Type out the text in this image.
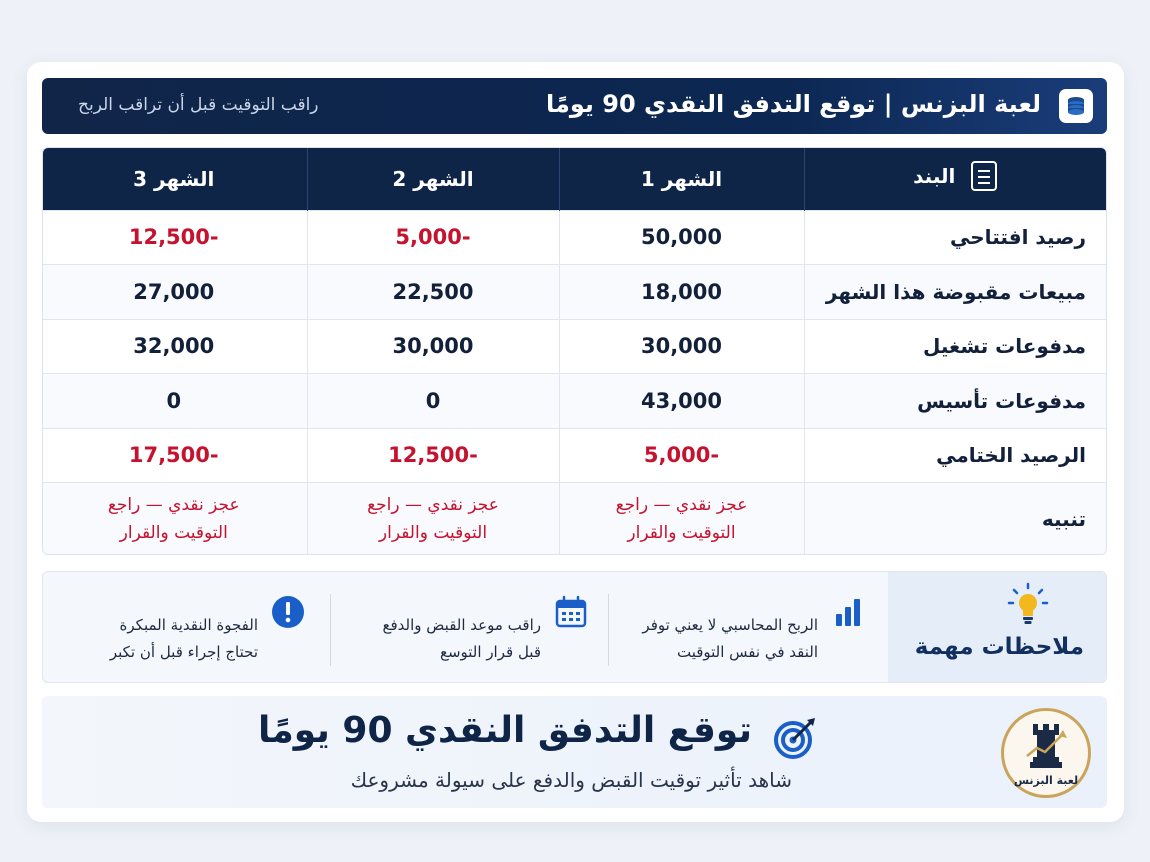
لعبة البزنس | توقع التدفق النقدي 90 يومًا
راقب التوقيت قبل أن تراقب الربح
البند	الشهر 1	الشهر 2	الشهر 3
رصيد افتتاحي	50,000	-5,000	-12,500
مبيعات مقبوضة هذا الشهر	18,000	22,500	27,000
مدفوعات تشغيل	30,000	30,000	32,000
مدفوعات تأسيس	43,000	0	0
الرصيد الختامي	-5,000	-12,500	-17,500
تنبيه	عجز نقدي — راجع التوقيت والقرار	عجز نقدي — راجع التوقيت والقرار	عجز نقدي — راجع التوقيت والقرار
ملاحظات مهمة
الربح المحاسبي لا يعني توفر
النقد في نفس التوقيت
راقب موعد القبض والدفع
قبل قرار التوسع
الفجوة النقدية المبكرة
تحتاج إجراء قبل أن تكبر
لعبة البزنس
توقع التدفق النقدي 90 يومًا
شاهد تأثير توقيت القبض والدفع على سيولة مشروعك
